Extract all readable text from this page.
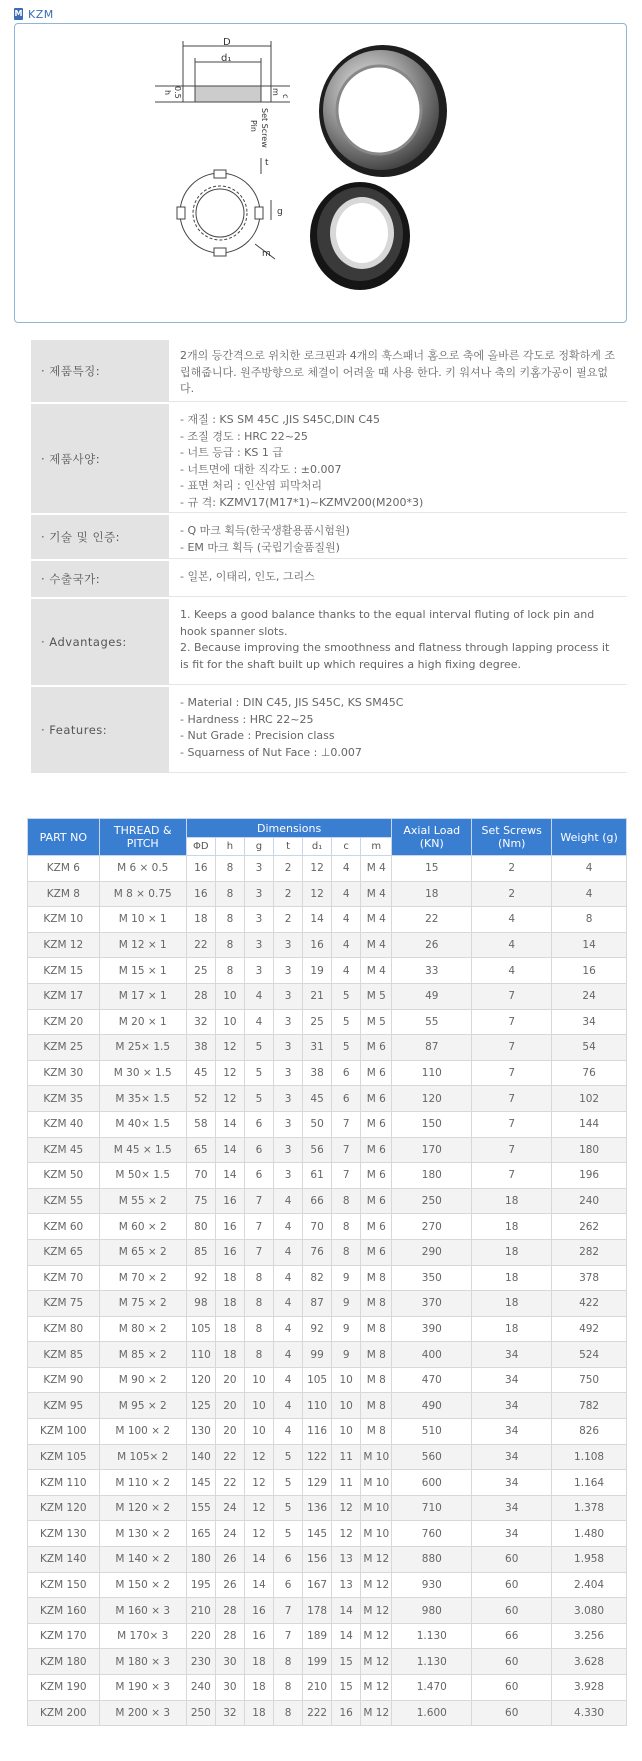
M KZM
D
d₁
h 0.5	m
c
Set Screw
Pin
t
g
m
· 제품특징:
2개의 등간격으로 위치한 로크핀과 4개의 훅스패너 홈으로 축에 올바른 각도로 정확하게 조립해줍니다. 원주방향으로 체결이 어려울 때 사용 한다. 키 워셔나 축의 키홈가공이 필요없다.
· 제품사양:
- 재질 : KS SM 45C ,JIS S45C,DIN C45
- 조질 경도 : HRC 22~25
- 너트 등급 : KS 1 급
- 너트면에 대한 직각도 : ±0.007
- 표면 처리 : 인산염 피막처리
- 규 격: KZMV17(M17*1)~KZMV200(M200*3)
· 기술 및 인증:	- Q 마크 획득(한국생활용품시험원)
- EM 마크 획득 (국립기술품질원)
· 수출국가:	- 일본, 이태리, 인도, 그리스
· Advantages:
1. Keeps a good balance thanks to the equal interval fluting of lock pin and hook spanner slots.
2. Because improving the smoothness and flatness through lapping process it is fit for the shaft built up which requires a high fixing degree.
· Features:
- Material : DIN C45, JIS S45C, KS SM45C
- Hardness : HRC 22~25
- Nut Grade : Precision class
- Squarness of Nut Face : ⊥0.007
PART NO	THREAD & PITCH	Dimensions							Axial Load (KN)	Set Screws (Nm)	Weight (g)
		ΦD	h	g	t	d₁	c	m			
KZM 6	M 6 × 0.5	16	8	3	2	12	4	M 4	15	2	4
KZM 8	M 8 × 0.75	16	8	3	2	12	4	M 4	18	2	4
KZM 10	M 10 × 1	18	8	3	2	14	4	M 4	22	4	8
KZM 12	M 12 × 1	22	8	3	3	16	4	M 4	26	4	14
KZM 15	M 15 × 1	25	8	3	3	19	4	M 4	33	4	16
KZM 17	M 17 × 1	28	10	4	3	21	5	M 5	49	7	24
KZM 20	M 20 × 1	32	10	4	3	25	5	M 5	55	7	34
KZM 25	M 25× 1.5	38	12	5	3	31	5	M 6	87	7	54
KZM 30	M 30 × 1.5	45	12	5	3	38	6	M 6	110	7	76
KZM 35	M 35× 1.5	52	12	5	3	45	6	M 6	120	7	102
KZM 40	M 40× 1.5	58	14	6	3	50	7	M 6	150	7	144
KZM 45	M 45 × 1.5	65	14	6	3	56	7	M 6	170	7	180
KZM 50	M 50× 1.5	70	14	6	3	61	7	M 6	180	7	196
KZM 55	M 55 × 2	75	16	7	4	66	8	M 6	250	18	240
KZM 60	M 60 × 2	80	16	7	4	70	8	M 6	270	18	262
KZM 65	M 65 × 2	85	16	7	4	76	8	M 6	290	18	282
KZM 70	M 70 × 2	92	18	8	4	82	9	M 8	350	18	378
KZM 75	M 75 × 2	98	18	8	4	87	9	M 8	370	18	422
KZM 80	M 80 × 2	105	18	8	4	92	9	M 8	390	18	492
KZM 85	M 85 × 2	110	18	8	4	99	9	M 8	400	34	524
KZM 90	M 90 × 2	120	20	10	4	105	10	M 8	470	34	750
KZM 95	M 95 × 2	125	20	10	4	110	10	M 8	490	34	782
KZM 100	M 100 × 2	130	20	10	4	116	10	M 8	510	34	826
KZM 105	M 105× 2	140	22	12	5	122	11	M 10	560	34	1.108
KZM 110	M 110 × 2	145	22	12	5	129	11	M 10	600	34	1.164
KZM 120	M 120 × 2	155	24	12	5	136	12	M 10	710	34	1.378
KZM 130	M 130 × 2	165	24	12	5	145	12	M 10	760	34	1.480
KZM 140	M 140 × 2	180	26	14	6	156	13	M 12	880	60	1.958
KZM 150	M 150 × 2	195	26	14	6	167	13	M 12	930	60	2.404
KZM 160	M 160 × 3	210	28	16	7	178	14	M 12	980	60	3.080
KZM 170	M 170× 3	220	28	16	7	189	14	M 12	1.130	66	3.256
KZM 180	M 180 × 3	230	30	18	8	199	15	M 12	1.130	60	3.628
KZM 190	M 190 × 3	240	30	18	8	210	15	M 12	1.470	60	3.928
KZM 200	M 200 × 3	250	32	18	8	222	16	M 12	1.600	60	4.330
